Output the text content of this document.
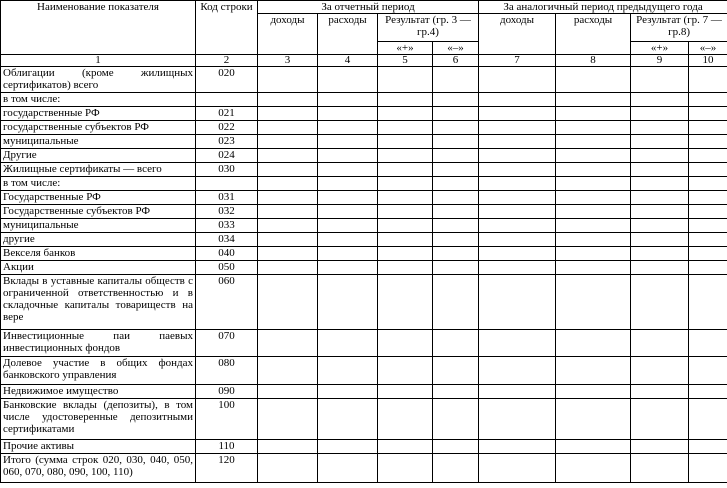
Наименование показателя	Код строки	За отчетный период				За аналогичный период предыдущего года			
		доходы	расходы	Результат (гр. 3 — гр.4)		доходы	расходы	Результат (гр. 7 — гр.8)	
				«+»	«–»			«+»	«–»
1	2	3	4	5	6	7	8	9	10
Облигации (кроме жилищных сертификатов) всего	020								
в том числе:									
государственные РФ	021								
государственные субъектов РФ	022								
муниципальные	023								
Другие	024								
Жилищные сертификаты — всего	030								
в том числе:									
Государственные РФ	031								
Государственные субъектов РФ	032								
муниципальные	033								
другие	034								
Векселя банков	040								
Акции	050								
Вклады в уставные капиталы обществ с ограниченной ответственностью и в складочные капиталы товариществ на вере	060								
Инвестиционные паи паевых инвестиционных фондов	070								
Долевое участие в общих фондах банковского управления	080								
Недвижимое имущество	090								
Банковские вклады (депозиты), в том числе удостоверенные депозитными сертификатами	100								
Прочие активы	110								
Итого (сумма строк 020, 030, 040, 050, 060, 070, 080, 090, 100, 110)	120								
